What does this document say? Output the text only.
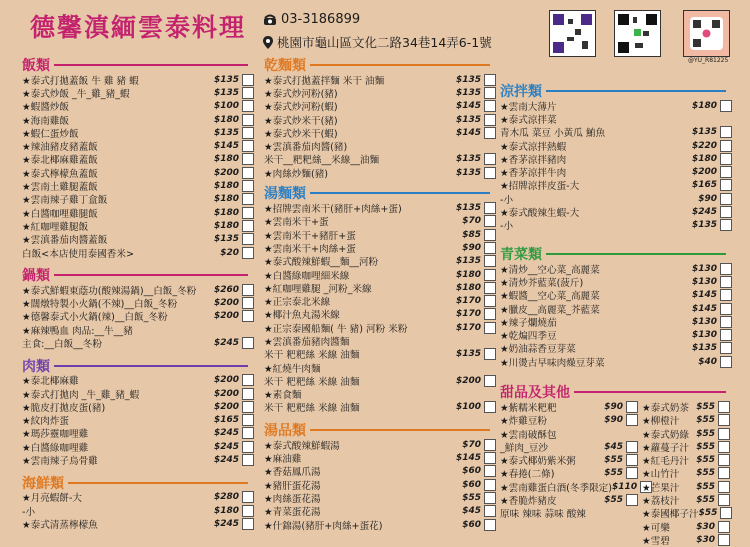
德馨滇緬雲泰料理	03-3186899
桃園市龜山區文化二路34巷14弄6-1號
@YU_R81225
飯類
★泰式打拋蓋飯 牛 雞 豬 蝦	$135
★泰式炒飯 _牛_雞_豬_蝦	$135
★蝦醬炒飯	$100
★海南雞飯	$180
★蝦仁蛋炒飯	$135
★辣油豬皮豬蓋飯	$145
★泰北椰麻雞蓋飯	$180
★泰式檸檬魚蓋飯	$200
★雲南土雞腿蓋飯	$180
★雲南辣子雞丁盒飯	$180
★白醬咖哩雞腿飯	$180
★紅咖哩雞腿飯	$180
★雲滇番茄肉醬蓋飯	$135
白飯<本店使用泰國香米>	$20
鍋類
★泰式鮮蝦東蔭功(酸辣湯鍋)__白飯_冬粉	$260
★闊燉特製小火鍋(不辣)__白飯_冬粉	$200
★德馨泰式小火鍋(辣)__白飯_冬粉	$200
★麻辣鴨血 肉品:__牛__豬
主食:__白飯__冬粉	$245
肉類
★泰北椰麻雞	$200
★泰式打拋肉 _牛_雞_豬_蝦	$200
★脆皮打拋皮蛋(豬)	$200
★紋肉炸蛋	$165
★瑪莎靈咖哩雞	$245
★白醬綠咖哩雞	$245
★雲南辣子烏骨雞	$245
海鮮類
★月亮蝦餅-大	$280
-小	$180
★泰式清蒸檸檬魚	$245
乾麵類
★泰式打拋蓋拌麵 米干 油麵	$135
★泰式炒河粉(豬)	$135
★泰式炒河粉(蝦)	$145
★泰式炒米干(豬)	$135
★泰式炒米干(蝦)	$145
★雲滇番茄肉醬(豬)
米干__粑粑絲__米線__油麵	$135
★肉絲炒麵(豬)	$135
湯麵類
★招牌雲南米干(豬肝+肉絲+蛋)	$135
★雲南米干+蛋	$70
★雲南米干+豬肝+蛋	$85
★雲南米干+肉絲+蛋	$90
★泰式酸辣鮮蝦__麵__河粉	$135
★白醬綠咖哩細米線	$180
★紅咖哩雞腿 _河粉_米線	$180
★正宗泰北米線	$170
★椰汁魚丸湯米線	$170
★正宗泰國船麵( 牛 豬) 河粉 米粉	$170
★雲滇番茄豬肉醬麵
米干 粑粑絲 米線 油麵	$135
★紅燒牛肉麵
米干 粑粑絲 米線 油麵	$200
★素食麵
米干 粑粑絲 米線 油麵	$100
湯品類
★泰式酸辣鮮蝦湯	$70
★麻油雞	$145
★香菇鳳爪湯	$60
★豬肝蛋花湯	$60
★肉絲蛋花湯	$55
★青菜蛋花湯	$45
★什錦湯(豬肝+肉絲+蛋花)	$60
涼拌類
★雲南大薄片	$180
★泰式涼拌菜
青木瓜 菜豆 小黃瓜 鮪魚	$135
★泰式涼拌熱蝦	$220
★香茅涼拌豬肉	$180
★香茅涼拌牛肉	$200
★招牌涼拌皮蛋-大	$165
-小	$90
★泰式酸辣生蝦-大	$245
-小	$135
青菜類
★清炒__空心菜_高麗菜	$130
★清炒芥藍菜(菠斤)	$130
★蝦醬__空心菜_高麗菜	$145
★臘皮__高麗菜_芥藍菜	$145
★辣子爛燒茄	$130
★乾煸四季豆	$130
★奶油蒜香豆芽菜	$135
★川燙古早味肉燥豆芽菜	$40
甜品及其他
★紫糯米粑粑	$90
★炸雞豆粉	$90
★雲南破酥包
_鮮肉_豆沙	$45
★泰式椰奶紫米粥	$55
★春捲(二條)	$55
★雲南雞蛋白酒(冬季限定) $110
★香脆炸豬皮	$55
原味 辣味 蒜味 酸辣
★泰式奶茶 $55
★柳橙汁	$55
★泰式奶綠 $55
★蘿蔓子汁 $55
★紅毛丹汁 $55
★山竹汁	$55
★芒果汁	$55
★荔枝汁	$55
★泰國椰子汁 $55
★可樂	$30
★雪碧	$30
